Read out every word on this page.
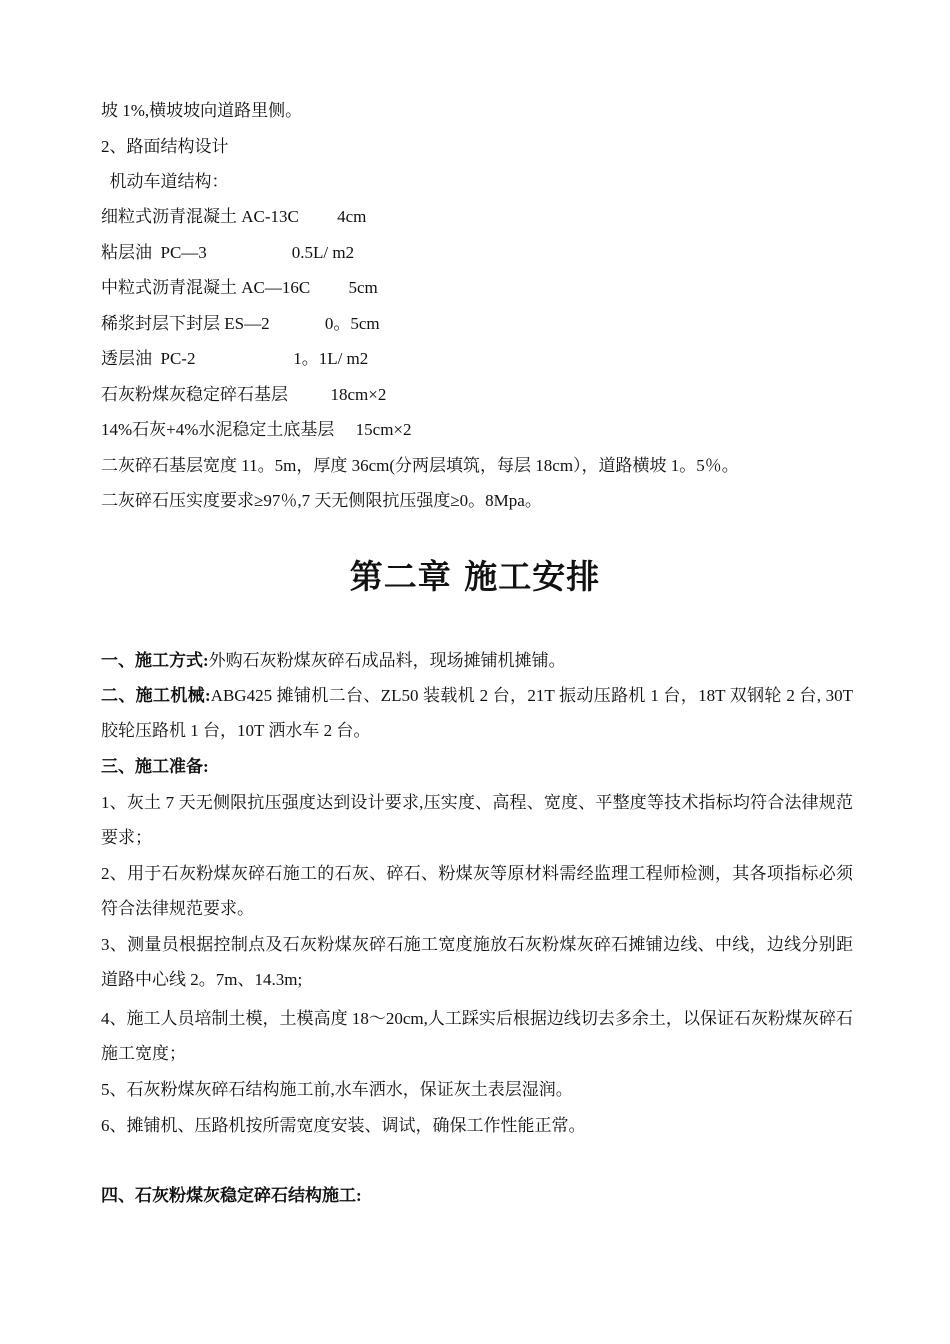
坡 1%,横坡坡向道路里侧。
2、路面结构设计
机动车道结构：
细粒式沥青混凝土 AC-13C         4cm
粘层油  PC—3                    0.5L/ m2
中粒式沥青混凝土 AC—16C         5cm
稀浆封层下封层 ES—2             0。5cm
透层油  PC-2                       1。1L/ m2
石灰粉煤灰稳定碎石基层          18cm×2
14%石灰+4%水泥稳定土底基层     15cm×2
二灰碎石基层宽度 11。5m，厚度 36cm(分两层填筑，每层 18cm），道路横坡 1。5％。
二灰碎石压实度要求≥97％,7 天无侧限抗压强度≥0。8Mpa。
第二章 施工安排
一、施工方式:外购石灰粉煤灰碎石成品料，现场摊铺机摊铺。
二、施工机械:ABG425 摊铺机二台、ZL50 装载机 2 台，21T 振动压路机 1 台，18T 双钢轮 2 台, 30T 胶轮压路机 1 台，10T 洒水车 2 台。
三、施工准备:
1、灰土 7 天无侧限抗压强度达到设计要求,压实度、高程、宽度、平整度等技术指标均符合法律规范要求；
2、用于石灰粉煤灰碎石施工的石灰、碎石、粉煤灰等原材料需经监理工程师检测，其各项指标必须符合法律规范要求。
3、测量员根据控制点及石灰粉煤灰碎石施工宽度施放石灰粉煤灰碎石摊铺边线、中线，边线分别距道路中心线 2。7m、14.3m;
4、施工人员培制土模，土模高度 18～20cm,人工踩实后根据边线切去多余土，以保证石灰粉煤灰碎石施工宽度；
5、石灰粉煤灰碎石结构施工前,水车洒水，保证灰土表层湿润。
6、摊铺机、压路机按所需宽度安装、调试，确保工作性能正常。
四、石灰粉煤灰稳定碎石结构施工:
